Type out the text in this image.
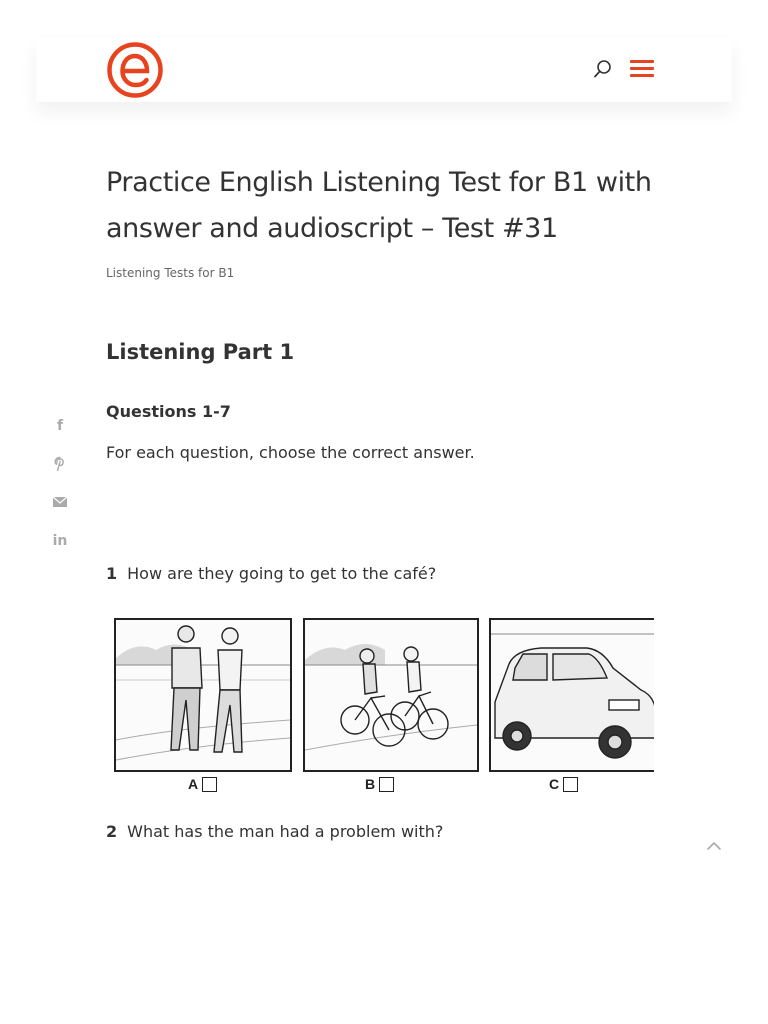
Practice English Listening Test for B1 with answer and audioscript – Test #31
Listening Tests for B1
Listening Part 1
Questions 1-7

For each question, choose the correct answer.

f
in

1 How are they going to get to the café?

A	B	C

2 What has the man had a problem with?
